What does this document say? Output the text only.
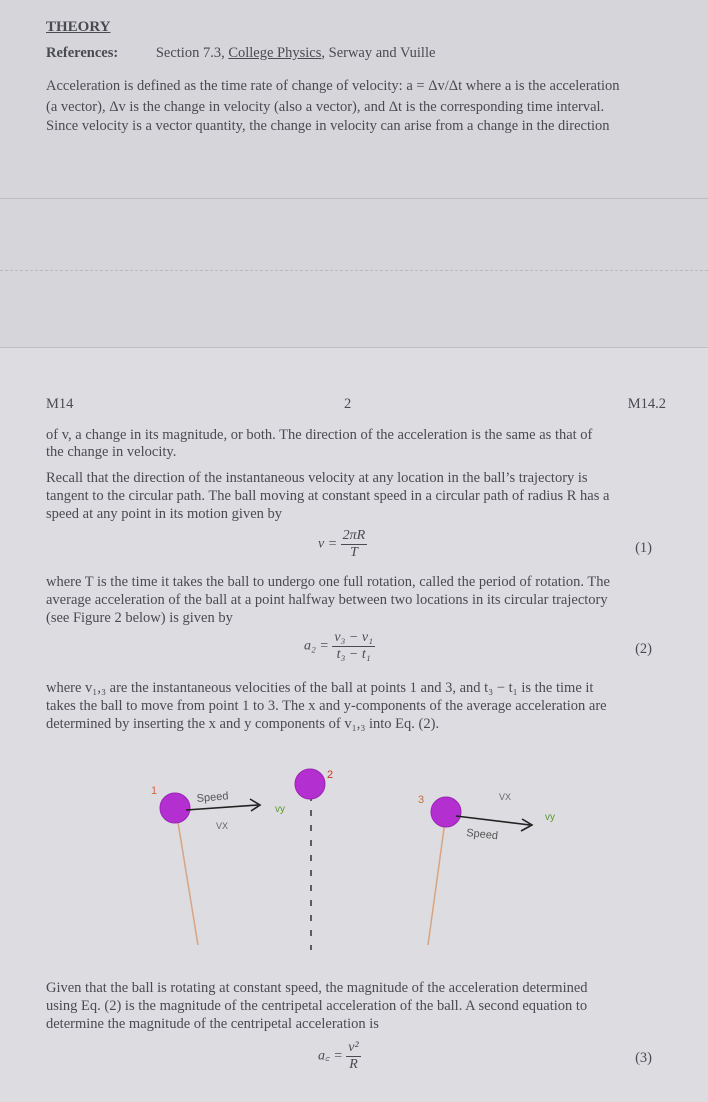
THEORY
References:	Section 7.3, College Physics, Serway and Vuille
Acceleration is defined as the time rate of change of velocity: a = Δv/Δt where a is the acceleration
(a vector), Δv is the change in velocity (also a vector), and Δt is the corresponding time interval.
Since velocity is a vector quantity, the change in velocity can arise from a change in the direction
M14	2	M14.2
of v, a change in its magnitude, or both. The direction of the acceleration is the same as that of
the change in velocity.
Recall that the direction of the instantaneous velocity at any location in the ball’s trajectory is
tangent to the circular path. The ball moving at constant speed in a circular path of radius R has a
speed at any point in its motion given by
$v = \frac{2\pi R}{T}$	(1)
where T is the time it takes the ball to undergo one full rotation, called the period of rotation. The
average acceleration of the ball at a point halfway between two locations in its circular trajectory
(see Figure 2 below) is given by
$a_2 = \frac{\text{v₃ − v₁}}{\text{t₃ − t₁}}$	(2)
where v₁,₃ are the instantaneous velocities of the ball at points 1 and 3, and t₃ − t₁ is the time it
takes the ball to move from point 1 to 3. The x and y-components of the average acceleration are
determined by inserting the x and y components of v₁,₃ into Eq. (2).
1	Speed
VX
vy
2
3	VX
vy
Speed
Given that the ball is rotating at constant speed, the magnitude of the acceleration determined
using Eq. (2) is the magnitude of the centripetal acceleration of the ball. A second equation to
determine the magnitude of the centripetal acceleration is
a꜀ = $\frac{\text{v²}}{R}$	(3)
